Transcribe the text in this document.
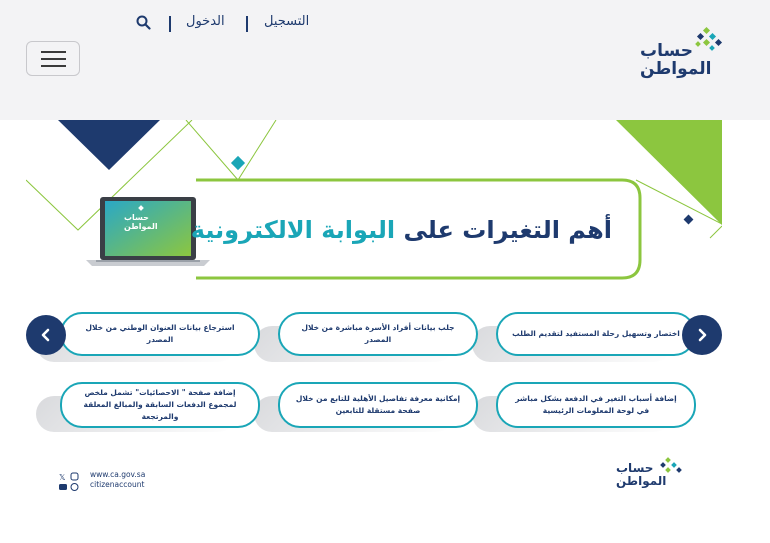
الدخول	التسجيل
حساب
المواطن
حساب
المواطن	أهم التغيرات على البوابة الالكترونية
اختصار وتسهيل رحلة المستفيد لتقديم الطلب
جلب بيانات أفراد الأسرة مباشرة من خلال المصدر
استرجاع بيانات العنوان الوطني من خلال المصدر
إضافة أسباب التغير في الدفعة بشكل مباشر في لوحة المعلومات الرئيسية
إمكانية معرفة تفاصيل الأهلية للتابع من خلال صفحة مستقلة للتابعين
إضافة صفحة " الاحصائيات" تشمل ملخص لمجموع الدفعات السابقة والمبالغ المعلقة والمرتجعة
𝕏	www.ca.gov.sa
citizenaccount
حساب
المواطن
